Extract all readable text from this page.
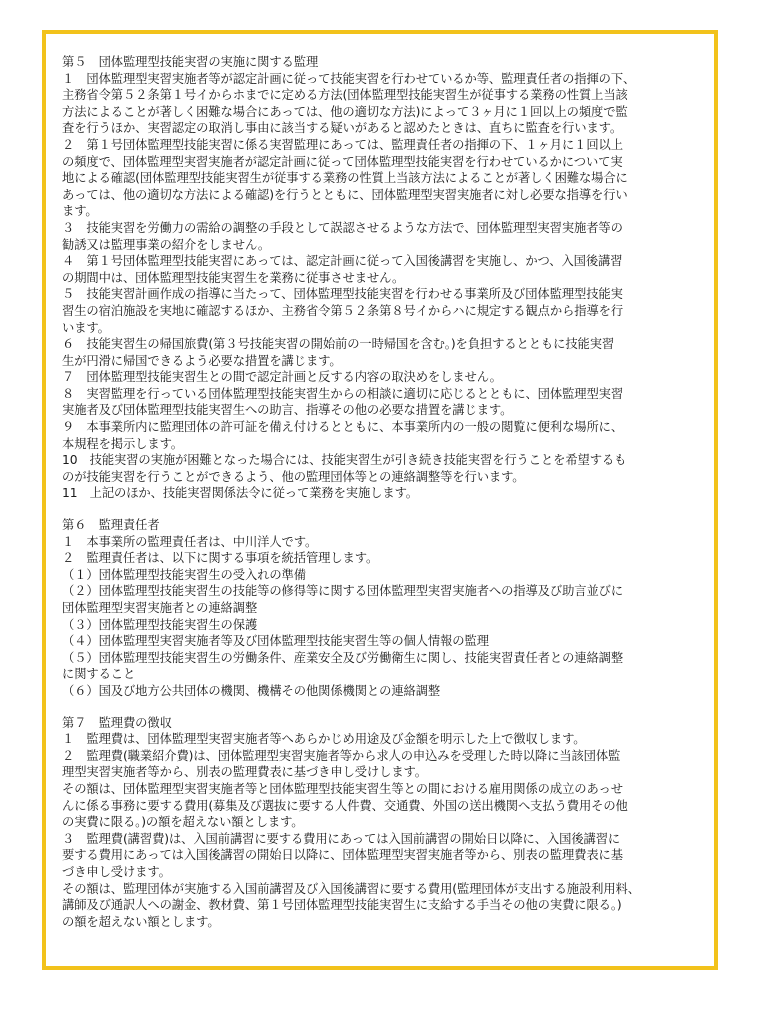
第５　団体監理型技能実習の実施に関する監理

１　団体監理型実習実施者等が認定計画に従って技能実習を行わせているか等、監理責任者の指揮の下、

主務省令第５２条第１号イからホまでに定める方法(団体監理型技能実習生が従事する業務の性質上当該

方法によることが著しく困難な場合にあっては、他の適切な方法)によって３ヶ月に１回以上の頻度で監

査を行うほか、実習認定の取消し事由に該当する疑いがあると認めたときは、直ちに監査を行います。

２　第１号団体監理型技能実習に係る実習監理にあっては、監理責任者の指揮の下、１ヶ月に１回以上

の頻度で、団体監理型実習実施者が認定計画に従って団体監理型技能実習を行わせているかについて実

地による確認(団体監理型技能実習生が従事する業務の性質上当該方法によることが著しく困難な場合に

あっては、他の適切な方法による確認)を行うとともに、団体監理型実習実施者に対し必要な指導を行い

ます。

３　技能実習を労働力の需給の調整の手段として誤認させるような方法で、団体監理型実習実施者等の

勧誘又は監理事業の紹介をしません。

４　第１号団体監理型技能実習にあっては、認定計画に従って入国後講習を実施し、かつ、入国後講習

の期間中は、団体監理型技能実習生を業務に従事させません。

５　技能実習計画作成の指導に当たって、団体監理型技能実習を行わせる事業所及び団体監理型技能実

習生の宿泊施設を実地に確認するほか、主務省令第５２条第８号イからハに規定する観点から指導を行

います。

６　技能実習生の帰国旅費(第３号技能実習の開始前の一時帰国を含む。)を負担するとともに技能実習

生が円滑に帰国できるよう必要な措置を講じます。

７　団体監理型技能実習生との間で認定計画と反する内容の取決めをしません。

８　実習監理を行っている団体監理型技能実習生からの相談に適切に応じるとともに、団体監理型実習

実施者及び団体監理型技能実習生への助言、指導その他の必要な措置を講じます。

９　本事業所内に監理団体の許可証を備え付けるとともに、本事業所内の一般の閲覧に便利な場所に、

本規程を掲示します。

10　技能実習の実施が困難となった場合には、技能実習生が引き続き技能実習を行うことを希望するも

のが技能実習を行うことができるよう、他の監理団体等との連絡調整等を行います。

11　上記のほか、技能実習関係法令に従って業務を実施します。

第６　監理責任者

１　本事業所の監理責任者は、中川洋人です。

２　監理責任者は、以下に関する事項を統括管理します。

（１）団体監理型技能実習生の受入れの準備

（２）団体監理型技能実習生の技能等の修得等に関する団体監理型実習実施者への指導及び助言並びに

団体監理型実習実施者との連絡調整

（３）団体監理型技能実習生の保護

（４）団体監理型実習実施者等及び団体監理型技能実習生等の個人情報の監理

（５）団体監理型技能実習生の労働条件、産業安全及び労働衛生に関し、技能実習責任者との連絡調整

に関すること

（６）国及び地方公共団体の機関、機構その他関係機関との連絡調整

第７　監理費の徴収

１　監理費は、団体監理型実習実施者等へあらかじめ用途及び金額を明示した上で徴収します。

２　監理費(職業紹介費)は、団体監理型実習実施者等から求人の申込みを受理した時以降に当該団体監

理型実習実施者等から、別表の監理費表に基づき申し受けします。

その額は、団体監理型実習実施者等と団体監理型技能実習生等との間における雇用関係の成立のあっせ

んに係る事務に要する費用(募集及び選抜に要する人件費、交通費、外国の送出機関へ支払う費用その他

の実費に限る。)の額を超えない額とします。

３　監理費(講習費)は、入国前講習に要する費用にあっては入国前講習の開始日以降に、入国後講習に

要する費用にあっては入国後講習の開始日以降に、団体監理型実習実施者等から、別表の監理費表に基

づき申し受けます。

その額は、監理団体が実施する入国前講習及び入国後講習に要する費用(監理団体が支出する施設利用料、

講師及び通訳人への謝金、教材費、第１号団体監理型技能実習生に支給する手当その他の実費に限る。)

の額を超えない額とします。
